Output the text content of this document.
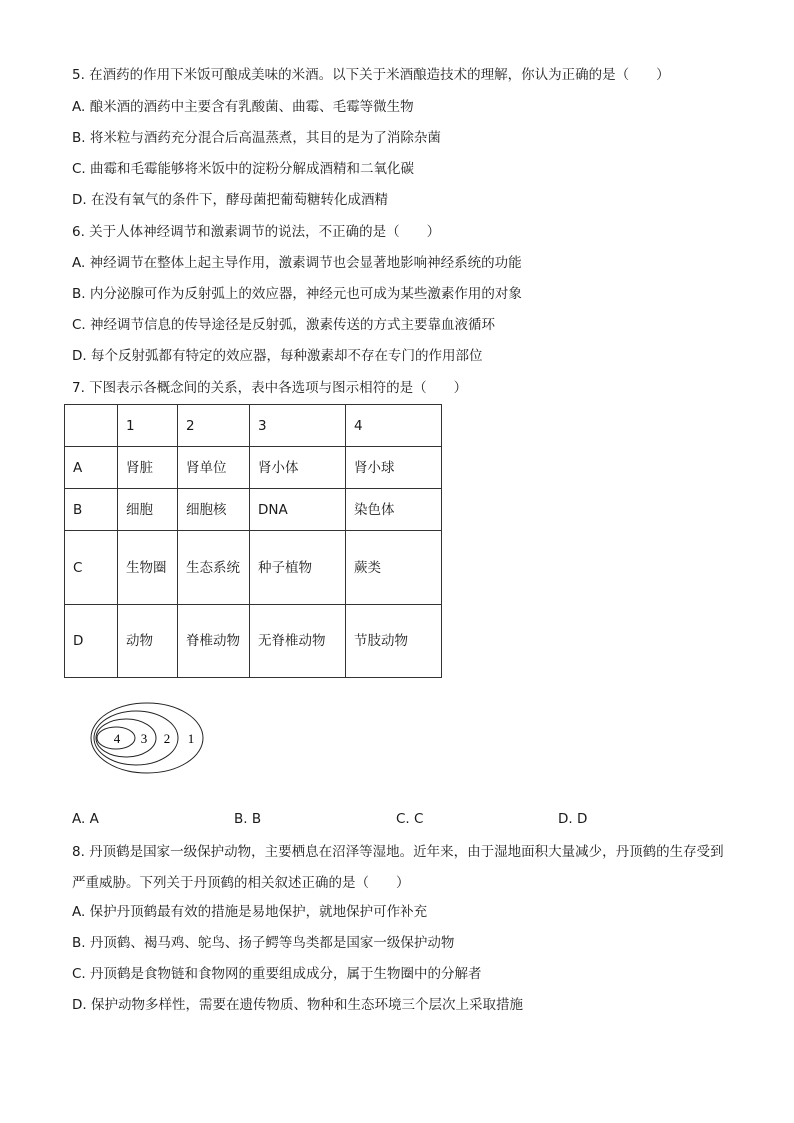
5. 在酒药的作用下米饭可酿成美味的米酒。以下关于米酒酿造技术的理解，你认为正确的是（　　）
A. 酿米酒的酒药中主要含有乳酸菌、曲霉、毛霉等微生物
B. 将米粒与酒药充分混合后高温蒸煮，其目的是为了消除杂菌
C. 曲霉和毛霉能够将米饭中的淀粉分解成酒精和二氧化碳
D. 在没有氧气的条件下，酵母菌把葡萄糖转化成酒精
6. 关于人体神经调节和激素调节的说法，不正确的是（　　）
A. 神经调节在整体上起主导作用，激素调节也会显著地影响神经系统的功能
B. 内分泌腺可作为反射弧上的效应器，神经元也可成为某些激素作用的对象
C. 神经调节信息的传导途径是反射弧，激素传送的方式主要靠血液循环
D. 每个反射弧都有特定的效应器，每种激素却不存在专门的作用部位
7. 下图表示各概念间的关系，表中各选项与图示相符的是（　　）
	1	2	3	4
A	肾脏	肾单位	肾小体	肾小球
B	细胞	细胞核	DNA	染色体
C	生物圈	生态系统	种子植物	蕨类
D	动物	脊椎动物	无脊椎动物	节肢动物
4 3 2 1
A. A	B. B	C. C	D. D
8. 丹顶鹤是国家一级保护动物，主要栖息在沼泽等湿地。近年来，由于湿地面积大量减少，丹顶鹤的生存受到严重威胁。下列关于丹顶鹤的相关叙述正确的是（　　）
A. 保护丹顶鹤最有效的措施是易地保护，就地保护可作补充
B. 丹顶鹤、褐马鸡、鸵鸟、扬子鳄等鸟类都是国家一级保护动物
C. 丹顶鹤是食物链和食物网的重要组成成分，属于生物圈中的分解者
D. 保护动物多样性，需要在遗传物质、物种和生态环境三个层次上采取措施
